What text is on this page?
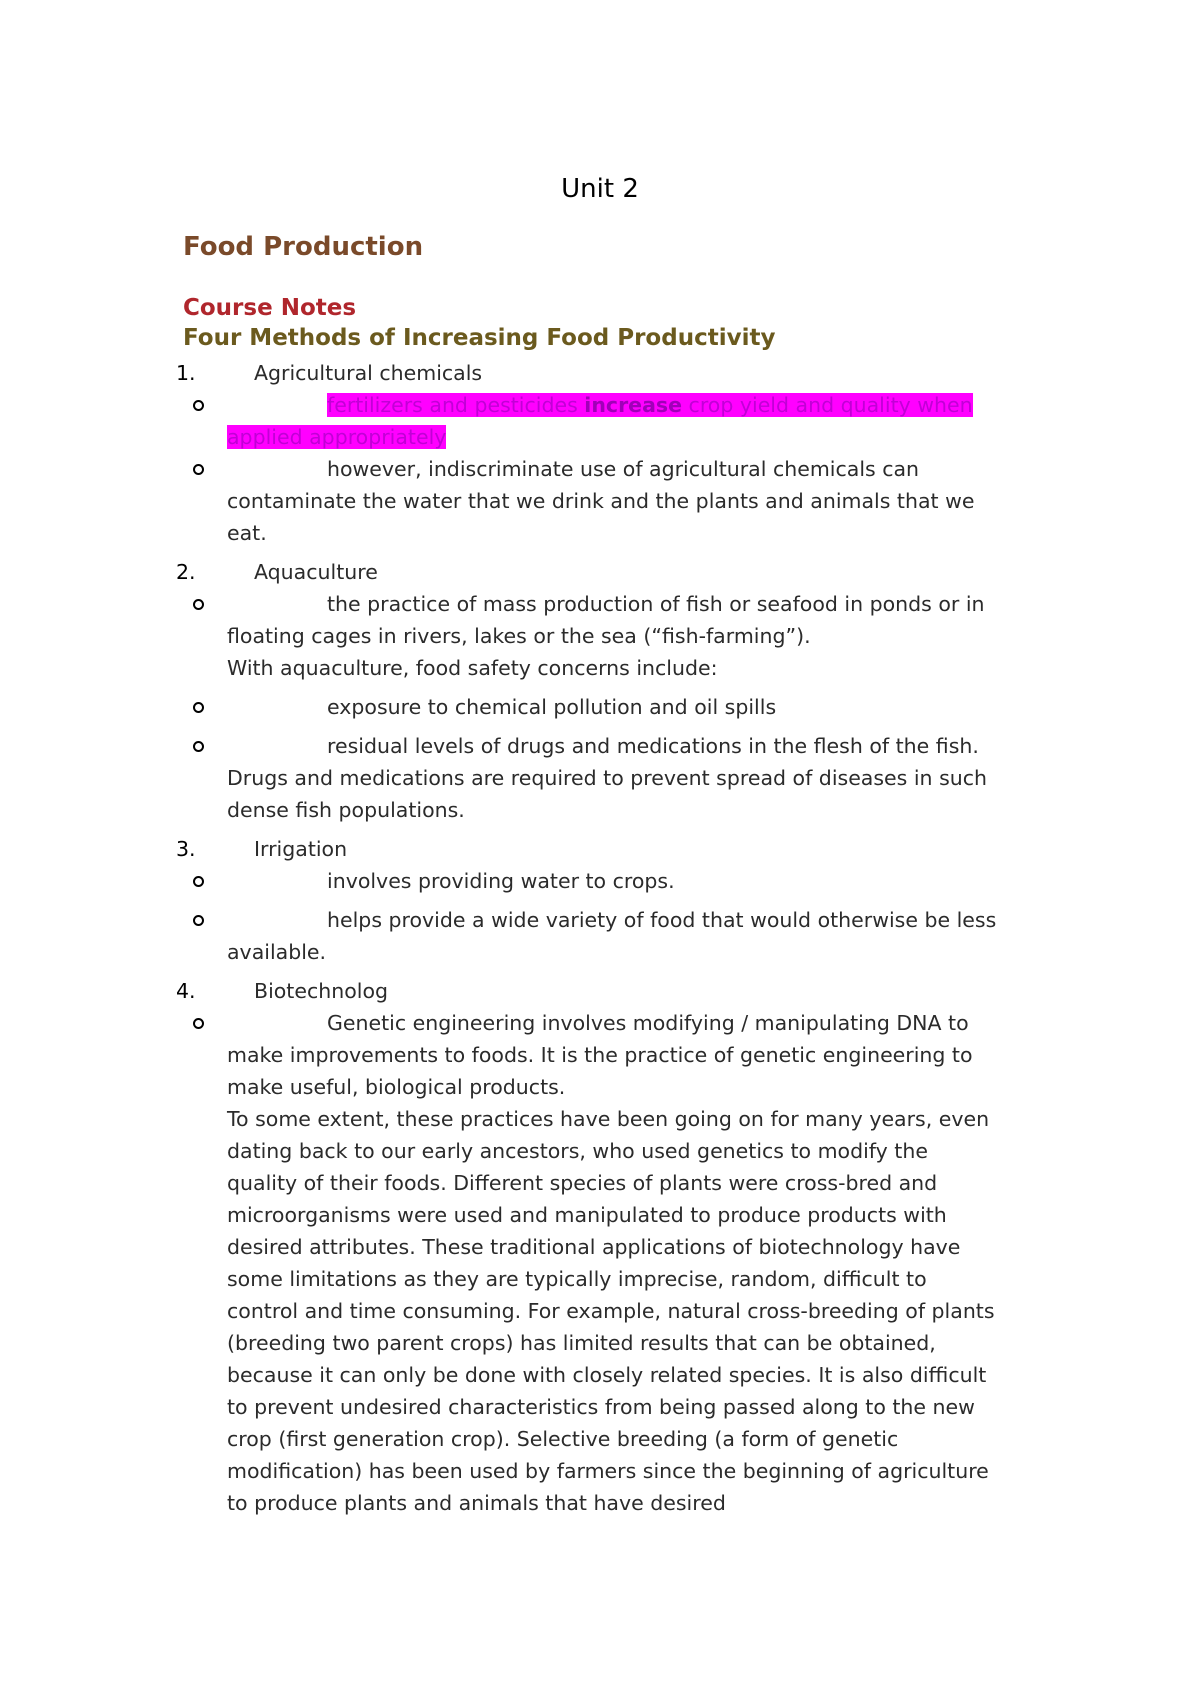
Unit 2
Food Production
Course Notes
Four Methods of Increasing Food Productivity
1.	Agricultural chemicals
fertilizers and pesticides increase crop yield and quality when applied appropriately
however, indiscriminate use of agricultural chemicals can contaminate the water that we drink and the plants and animals that we eat.
2.	Aquaculture
the practice of mass production of fish or seafood in ponds or in floating cages in rivers, lakes or the sea (“fish-farming”).
With aquaculture, food safety concerns include:
exposure to chemical pollution and oil spills
residual levels of drugs and medications in the flesh of the fish. Drugs and medications are required to prevent spread of diseases in such dense fish populations.
3.	Irrigation
involves providing water to crops.
helps provide a wide variety of food that would otherwise be less available.
4.	Biotechnolog
Genetic engineering involves modifying / manipulating DNA to make improvements to foods. It is the practice of genetic engineering to make useful, biological products.
To some extent, these practices have been going on for many years, even dating back to our early ancestors, who used genetics to modify the quality of their foods. Different species of plants were cross-bred and microorganisms were used and manipulated to produce products with desired attributes. These traditional applications of biotechnology have some limitations as they are typically imprecise, random, difficult to control and time consuming. For example, natural cross-breeding of plants (breeding two parent crops) has limited results that can be obtained, because it can only be done with closely related species. It is also difficult to prevent undesired characteristics from being passed along to the new crop (first generation crop). Selective breeding (a form of genetic modification) has been used by farmers since the beginning of agriculture to produce plants and animals that have desired
